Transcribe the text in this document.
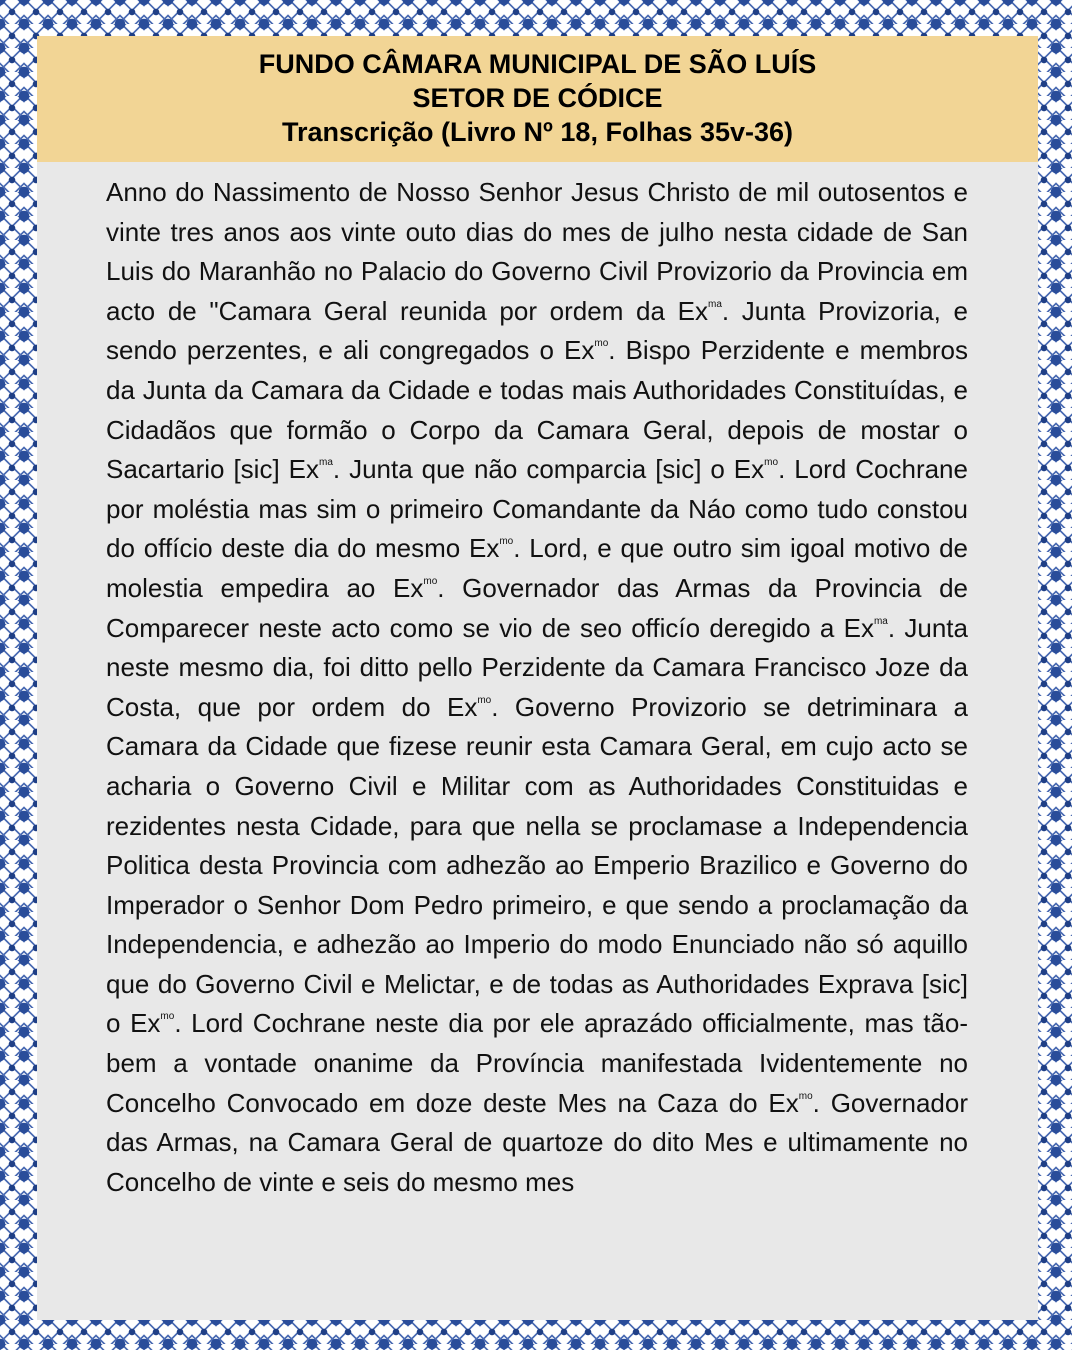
FUNDO CÂMARA MUNICIPAL DE SÃO LUÍS
SETOR DE CÓDICE
Transcrição (Livro Nº 18, Folhas 35v-36)
Anno do Nassimento de Nosso Senhor Jesus Christo de mil outosentos e vinte tres anos aos vinte outo dias do mes de julho nesta cidade de San Luis do Maranhão no Palacio do Governo Civil Provizorio da Provincia em acto de "Camara Geral reunida por ordem da $Ex^{ma}$. Junta Provizoria, e sendo perzentes, e ali congregados o $Ex^{mo}$. Bispo Perzidente e membros da Junta da Camara da Cidade e todas mais Authoridades Constituídas, e Cidadãos que formão o Corpo da Camara Geral, depois de mostar o Sacartario [sic] $Ex^{ma}$. Junta que não comparcia [sic] o $Ex^{mo}$. Lord Cochrane por moléstia mas sim o primeiro Comandante da Náo como tudo constou do offício deste dia do mesmo $Ex^{mo}$. Lord, e que outro sim igoal motivo de molestia empedira ao $Ex^{mo}$. Governador das Armas da Provincia de Comparecer neste acto como se vio de seo officío deregido a $Ex^{ma}$. Junta neste mesmo dia, foi ditto pello Perzidente da Camara Francisco Joze da Costa, que por ordem do $Ex^{mo}$. Governo Provizorio se detriminara a Camara da Cidade que fizese reunir esta Camara Geral, em cujo acto se acharia o Governo Civil e Militar com as Authoridades Constituidas e rezidentes nesta Cidade, para que nella se proclamase a Independencia Politica desta Provincia com adhezão ao Emperio Brazilico e Governo do Imperador o Senhor Dom Pedro primeiro, e que sendo a proclamação da Independencia, e adhezão ao Imperio do modo Enunciado não só aquillo que do Governo Civil e Melictar, e de todas as Authoridades Exprava [sic] o $Ex^{mo}$. Lord Cochrane neste dia por ele aprazádo officialmente, mas tão-bem a vontade onanime da Província manifestada Ividentemente no Concelho Convocado em doze deste Mes na Caza do $Ex^{mo}$. Governador das Armas, na Camara Geral de quartoze do dito Mes e ultimamente no Concelho de vinte e seis do mesmo mes
